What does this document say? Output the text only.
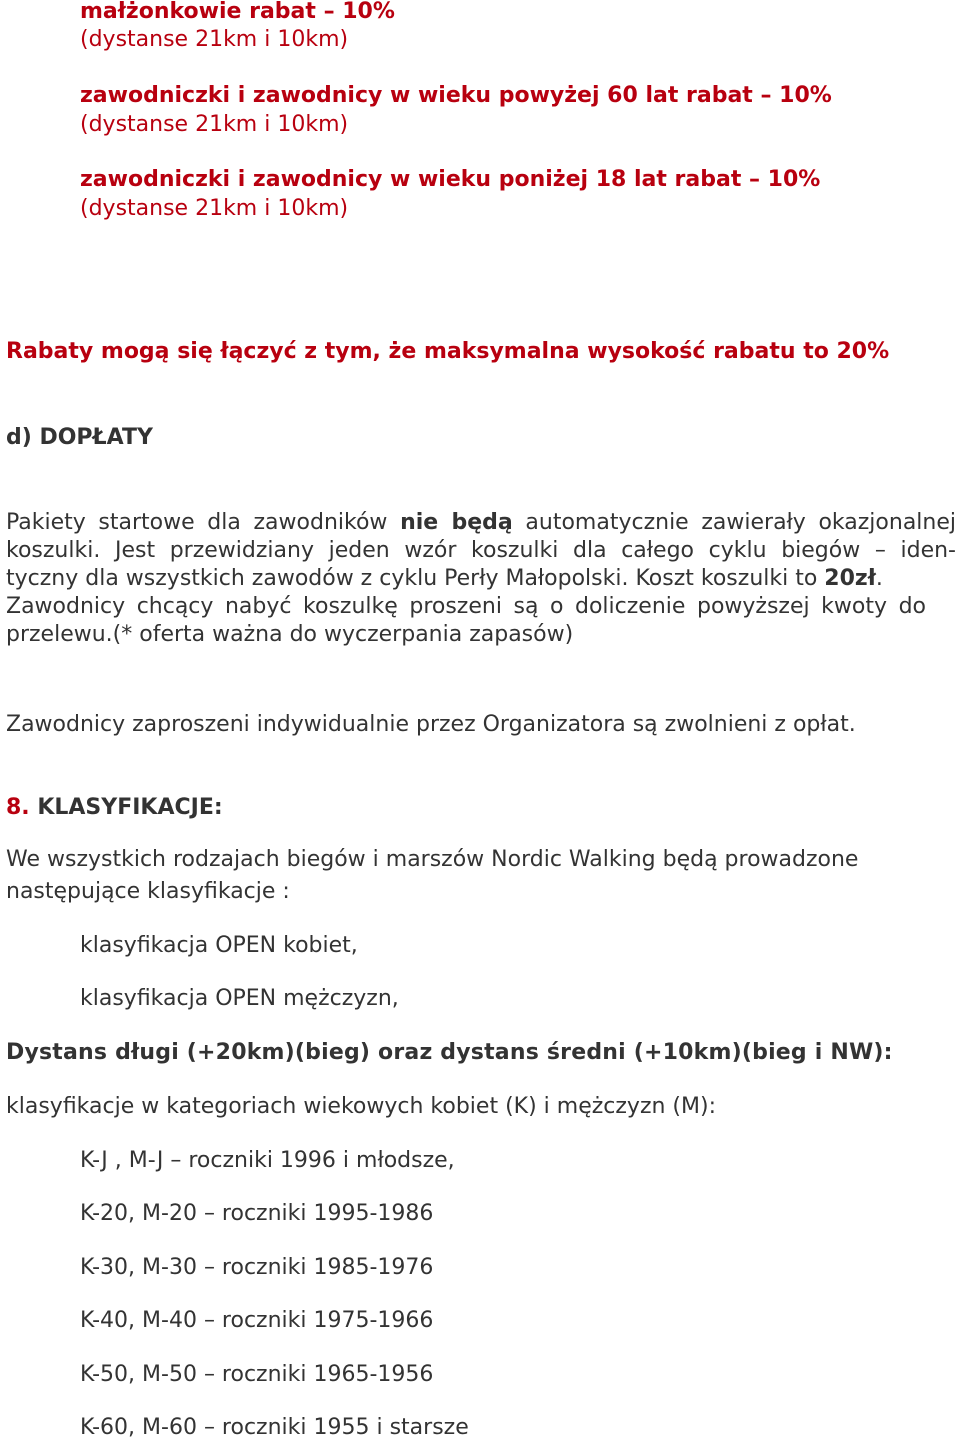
małżonkowie rabat – 10%
(dystanse 21km i 10km)
zawodniczki i zawodnicy w wieku powyżej 60 lat rabat – 10%
(dystanse 21km i 10km)
zawodniczki i zawodnicy w wieku poniżej 18 lat rabat – 10%
(dystanse 21km i 10km)
Rabaty mogą się łączyć z tym, że maksymalna wysokość rabatu to 20%
d) DOPŁATY
Pakiety startowe dla zawodników nie będą automatycznie zawierały okazjonalnej
koszulki. Jest przewidziany jeden wzór koszulki dla całego cyklu biegów – iden-
tyczny dla wszystkich zawodów z cyklu Perły Małopolski. Koszt koszulki to 20zł.
Zawodnicy chcący nabyć koszulkę proszeni są o doliczenie powyższej kwoty do
przelewu.(* oferta ważna do wyczerpania zapasów)
Zawodnicy zaproszeni indywidualnie przez Organizatora są zwolnieni z opłat.
8. KLASYFIKACJE:
We wszystkich rodzajach biegów i marszów Nordic Walking będą prowadzone
następujące klasyfikacje :
klasyfikacja OPEN kobiet,
klasyfikacja OPEN mężczyzn,
Dystans długi (+20km)(bieg) oraz dystans średni (+10km)(bieg i NW):
klasyfikacje w kategoriach wiekowych kobiet (K) i mężczyzn (M):
K-J , M-J – roczniki 1996 i młodsze,
K-20, M-20 – roczniki 1995-1986
K-30, M-30 – roczniki 1985-1976
K-40, M-40 – roczniki 1975-1966
K-50, M-50 – roczniki 1965-1956
K-60, M-60 – roczniki 1955 i starsze
